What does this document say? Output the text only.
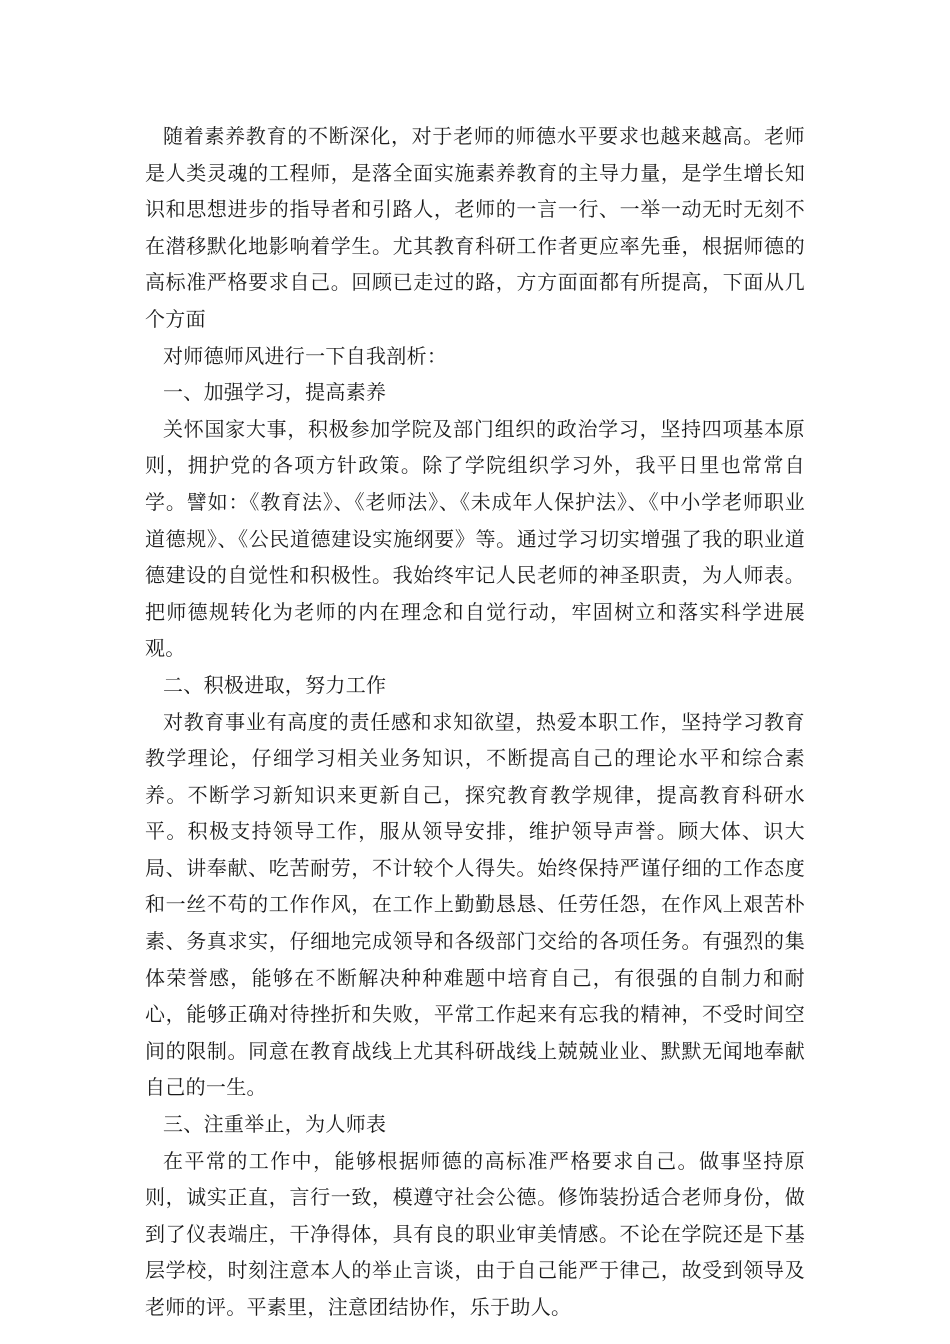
随着素养教育的不断深化，对于老师的师德水平要求也越来越高。老师是人类灵魂的工程师，是落全面实施素养教育的主导力量，是学生增长知识和思想进步的指导者和引路人，老师的一言一行、一举一动无时无刻不在潜移默化地影响着学生。尤其教育科研工作者更应率先垂，根据师德的高标准严格要求自己。回顾已走过的路，方方面面都有所提高，下面从几个方面

对师德师风进行一下自我剖析：

一、加强学习，提高素养

关怀国家大事，积极参加学院及部门组织的政治学习，坚持四项基本原则，拥护党的各项方针政策。除了学院组织学习外，我平日里也常常自学。譬如：《教育法》、《老师法》、《未成年人保护法》、《中小学老师职业道德规》、《公民道德建设实施纲要》等。通过学习切实增强了我的职业道德建设的自觉性和积极性。我始终牢记人民老师的神圣职责，为人师表。把师德规转化为老师的内在理念和自觉行动，牢固树立和落实科学进展观。

二、积极进取，努力工作

对教育事业有高度的责任感和求知欲望，热爱本职工作，坚持学习教育教学理论，仔细学习相关业务知识，不断提高自己的理论水平和综合素养。不断学习新知识来更新自己，探究教育教学规律，提高教育科研水平。积极支持领导工作，服从领导安排，维护领导声誉。顾大体、识大局、讲奉献、吃苦耐劳，不计较个人得失。始终保持严谨仔细的工作态度和一丝不苟的工作作风，在工作上勤勤恳恳、任劳任怨，在作风上艰苦朴素、务真求实，仔细地完成领导和各级部门交给的各项任务。有强烈的集体荣誉感，能够在不断解决种种难题中培育自己，有很强的自制力和耐心，能够正确对待挫折和失败，平常工作起来有忘我的精神，不受时间空间的限制。同意在教育战线上尤其科研战线上兢兢业业、默默无闻地奉献自己的一生。

三、注重举止，为人师表

在平常的工作中，能够根据师德的高标准严格要求自己。做事坚持原则，诚实正直，言行一致，模遵守社会公德。修饰装扮适合老师身份，做到了仪表端庄，干净得体，具有良的职业审美情感。不论在学院还是下基层学校，时刻注意本人的举止言谈，由于自己能严于律己，故受到领导及老师的评。平素里，注意团结协作，乐于助人。
